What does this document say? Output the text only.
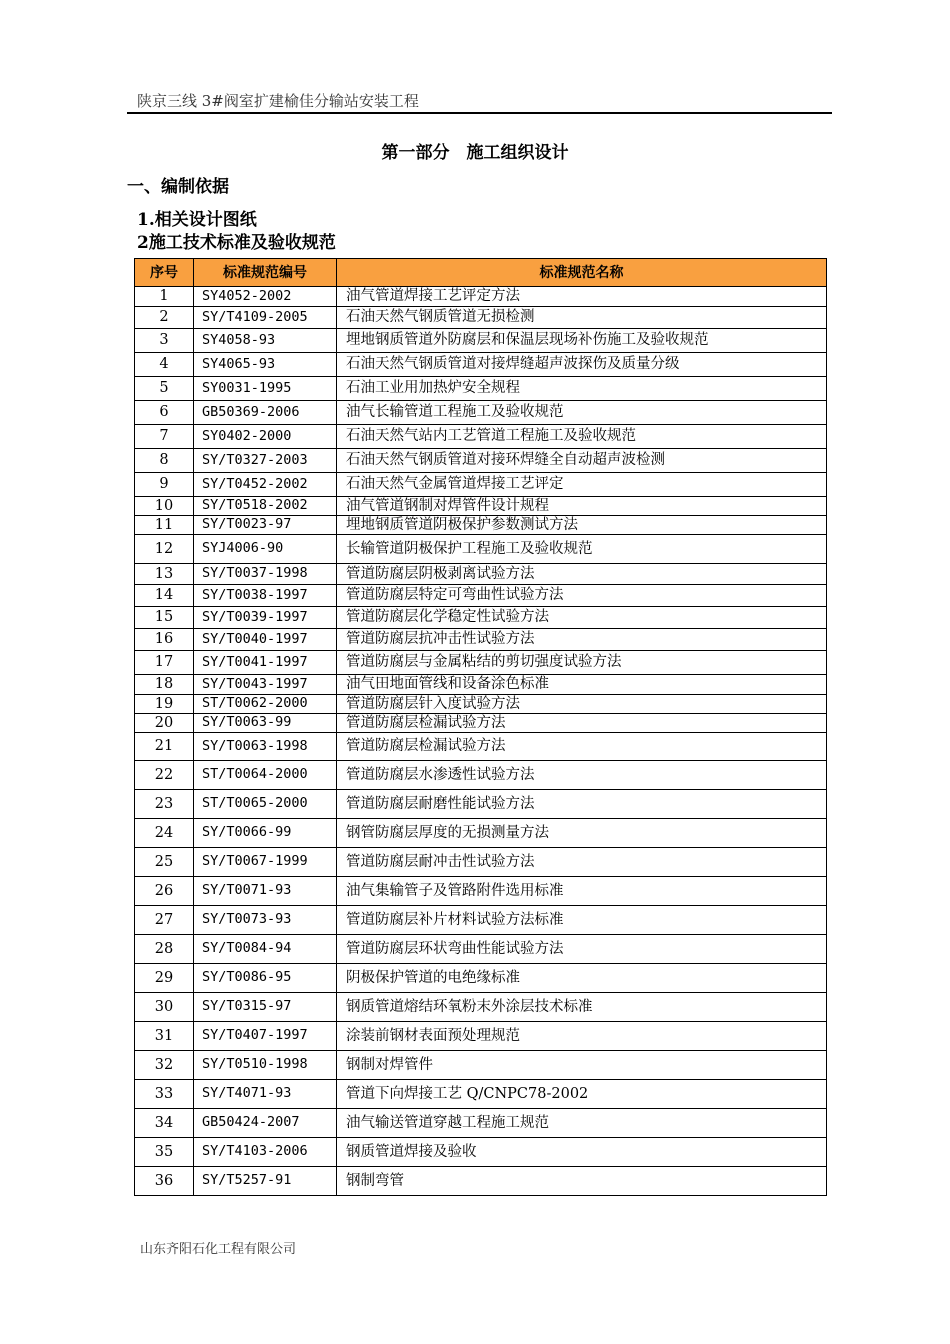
陕京三线 3#阀室扩建榆佳分输站安装工程
第一部分　施工组织设计
一、编制依据
1.相关设计图纸
2施工技术标准及验收规范
序号	标准规范编号	标准规范名称
1	SY4052-2002	油气管道焊接工艺评定方法
2	SY/T4109-2005	石油天然气钢质管道无损检测
3	SY4058-93	埋地钢质管道外防腐层和保温层现场补伤施工及验收规范
4	SY4065-93	石油天然气钢质管道对接焊缝超声波探伤及质量分级
5	SY0031-1995	石油工业用加热炉安全规程
6	GB50369-2006	油气长输管道工程施工及验收规范
7	SY0402-2000	石油天然气站内工艺管道工程施工及验收规范
8	SY/T0327-2003	石油天然气钢质管道对接环焊缝全自动超声波检测
9	SY/T0452-2002	石油天然气金属管道焊接工艺评定
10	SY/T0518-2002	油气管道钢制对焊管件设计规程
11	SY/T0023-97	埋地钢质管道阴极保护参数测试方法
12	SYJ4006-90	长输管道阴极保护工程施工及验收规范
13	SY/T0037-1998	管道防腐层阴极剥离试验方法
14	SY/T0038-1997	管道防腐层特定可弯曲性试验方法
15	SY/T0039-1997	管道防腐层化学稳定性试验方法
16	SY/T0040-1997	管道防腐层抗冲击性试验方法
17	SY/T0041-1997	管道防腐层与金属粘结的剪切强度试验方法
18	SY/T0043-1997	油气田地面管线和设备涂色标准
19	ST/T0062-2000	管道防腐层针入度试验方法
20	SY/T0063-99	管道防腐层检漏试验方法
21	SY/T0063-1998	管道防腐层检漏试验方法
22	ST/T0064-2000	管道防腐层水渗透性试验方法
23	ST/T0065-2000	管道防腐层耐磨性能试验方法
24	SY/T0066-99	钢管防腐层厚度的无损测量方法
25	SY/T0067-1999	管道防腐层耐冲击性试验方法
26	SY/T0071-93	油气集输管子及管路附件选用标准
27	SY/T0073-93	管道防腐层补片材料试验方法标准
28	SY/T0084-94	管道防腐层环状弯曲性能试验方法
29	SY/T0086-95	阴极保护管道的电绝缘标准
30	SY/T0315-97	钢质管道熔结环氧粉末外涂层技术标准
31	SY/T0407-1997	涂装前钢材表面预处理规范
32	SY/T0510-1998	钢制对焊管件
33	SY/T4071-93	管道下向焊接工艺 Q/CNPC78-2002
34	GB50424-2007	油气输送管道穿越工程施工规范
35	SY/T4103-2006	钢质管道焊接及验收
36	SY/T5257-91	钢制弯管
山东齐阳石化工程有限公司
